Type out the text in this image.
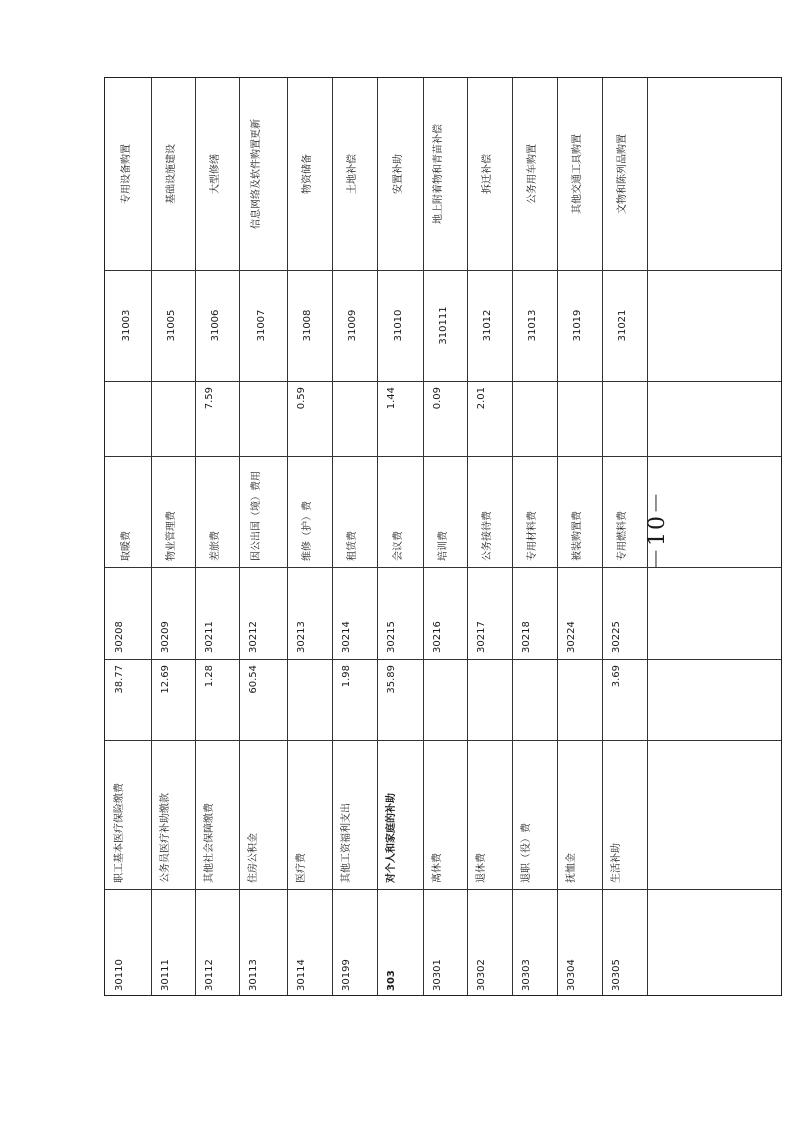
专用设备购置
31003
取暖费
30208
38.77
职工基本医疗保险缴费
30110
基础设施建设
31005
物业管理费
30209
12.69
公务员医疗补助缴款
30111
大型修缮
31006
7.59
差旅费
30211
1.28
其他社会保障缴费
30112
信息网络及软件购置更新
31007
因公出国（境）费用
30212
60.54
住房公积金
30113
物资储备
31008
0.59
维修（护）费
30213
医疗费
30114
土地补偿
31009
租赁费
30214
1.98
其他工资福利支出
30199
安置补助
31010
1.44
会议费
30215
35.89
对个人和家庭的补助
303
地上附着物和青苗补偿
310111
0.09
培训费
30216
离休费
30301
拆迁补偿
31012
2.01
公务接待费
30217
退休费
30302
公务用车购置
31013
专用材料费
30218
退职（役）费
30303
其他交通工具购置
31019
被装购置费
30224
抚恤金
30304
文物和陈列品购置
31021
专用燃料费
30225
3.69
生活补助
30305
－10－
